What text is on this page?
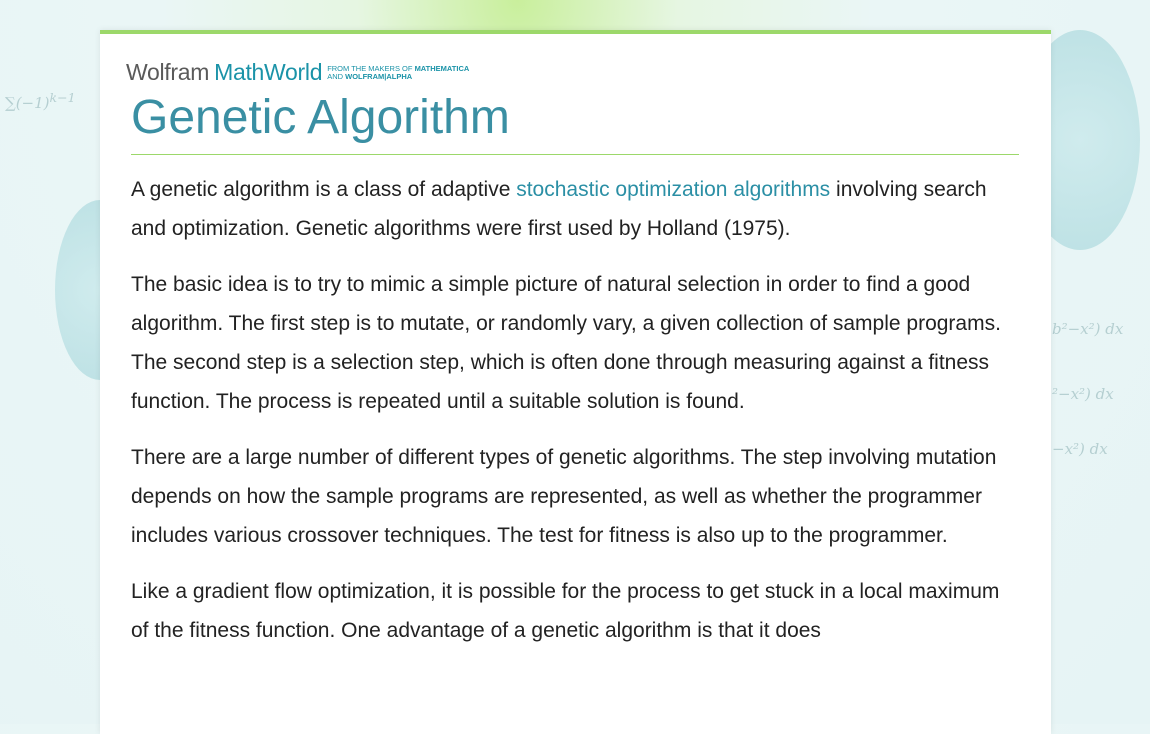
$\sum(-1)^{k-1}$
b²−x²) dx
²−x²) dx
−x²) dx
Wolfram MathWorld FROM THE MAKERS OF MATHEMATICA
AND WOLFRAM|ALPHA
Genetic Algorithm

A genetic algorithm is a class of adaptive stochastic optimization algorithms involving search and optimization. Genetic algorithms were first used by Holland (1975).

The basic idea is to try to mimic a simple picture of natural selection in order to find a good algorithm. The first step is to mutate, or randomly vary, a given collection of sample programs. The second step is a selection step, which is often done through measuring against a fitness function. The process is repeated until a suitable solution is found.

There are a large number of different types of genetic algorithms. The step involving mutation depends on how the sample programs are represented, as well as whether the programmer includes various crossover techniques. The test for fitness is also up to the programmer.

Like a gradient flow optimization, it is possible for the process to get stuck in a local maximum of the fitness function. One advantage of a genetic algorithm is that it does
